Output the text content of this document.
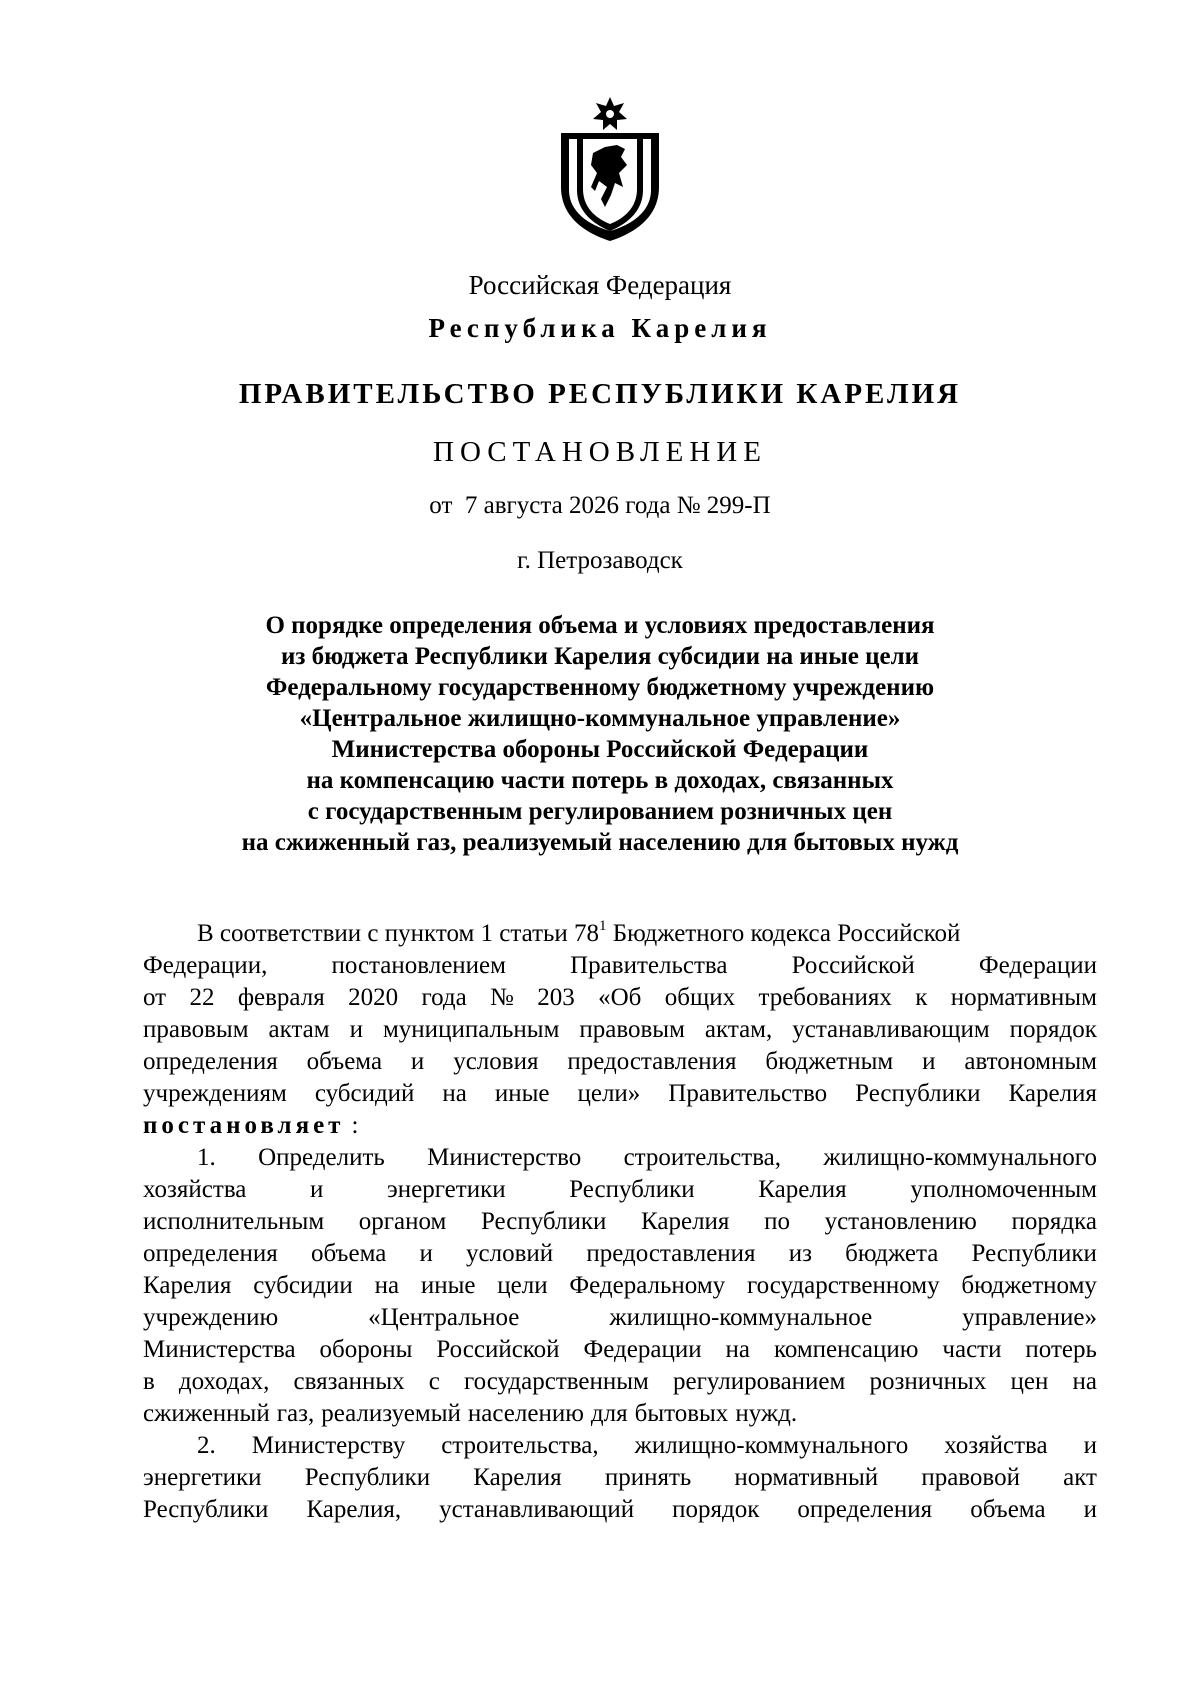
Российская Федерация
Республика Карелия
ПРАВИТЕЛЬСТВО РЕСПУБЛИКИ КАРЕЛИЯ
ПОСТАНОВЛЕНИЕ
от  7 августа 2026 года № 299-П
г. Петрозаводск
О порядке определения объема и условиях предоставления
из бюджета Республики Карелия субсидии на иные цели
Федеральному государственному бюджетному учреждению
«Центральное жилищно-коммунальное управление»
Министерства обороны Российской Федерации
на компенсацию части потерь в доходах, связанных
с государственным регулированием розничных цен
на сжиженный газ, реализуемый населению для бытовых нужд
В соответствии с пунктом 1 статьи $78^1$ Бюджетного кодекса Российской
Федерации,	постановлением	Правительства	Российской	Федерации
от 22 февраля 2020 года № 203 «Об общих требованиях к нормативным
правовым актам и муниципальным правовым актам, устанавливающим порядок
определения объема и условия предоставления бюджетным и автономным
учреждениям субсидий на иные цели» Правительство Республики Карелия
постановляет :
1. Определить Министерство строительства, жилищно-коммунального
хозяйства	и	энергетики	Республики	Карелия	уполномоченным
исполнительным органом Республики Карелия по установлению порядка
определения объема и условий предоставления из бюджета Республики
Карелия субсидии на иные цели Федеральному государственному бюджетному
учреждению	«Центральное	жилищно-коммунальное	управление»
Министерства обороны Российской Федерации на компенсацию части потерь
в доходах, связанных с государственным регулированием розничных цен на
сжиженный газ, реализуемый населению для бытовых нужд.
2. Министерству строительства, жилищно-коммунального хозяйства и
энергетики Республики Карелия принять нормативный правовой акт
Республики Карелия, устанавливающий порядок определения объема и
